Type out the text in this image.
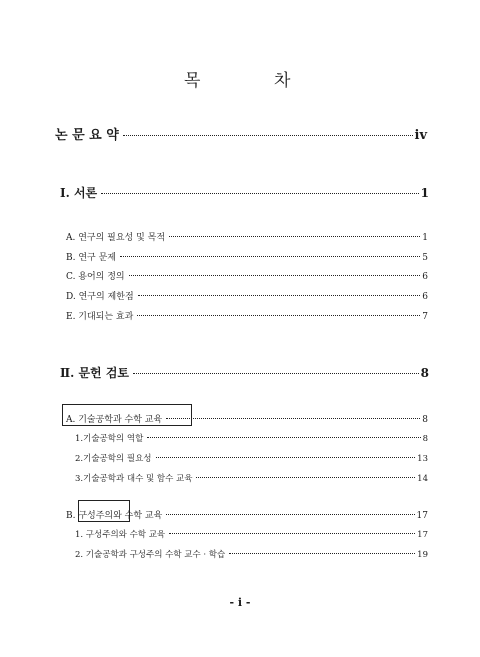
목	차
논 문 요 약	iv
Ⅰ. 서론	1
A. 연구의 필요성 및 목적	1
B. 연구 문제	5
C. 용어의 정의	6
D. 연구의 제한점	6
E. 기대되는 효과	7
Ⅱ. 문헌 검토	8
A. 기술공학과 수학 교육	8
1.기술공학의 역할	8
2.기술공학의 필요성	13
3.기술공학과 대수 및 함수 교육	14
B. 구성주의와 수학 교육	17
1. 구성주의와 수학 교육	17
2. 기술공학과 구성주의 수학 교수 · 학습	19
- i -
